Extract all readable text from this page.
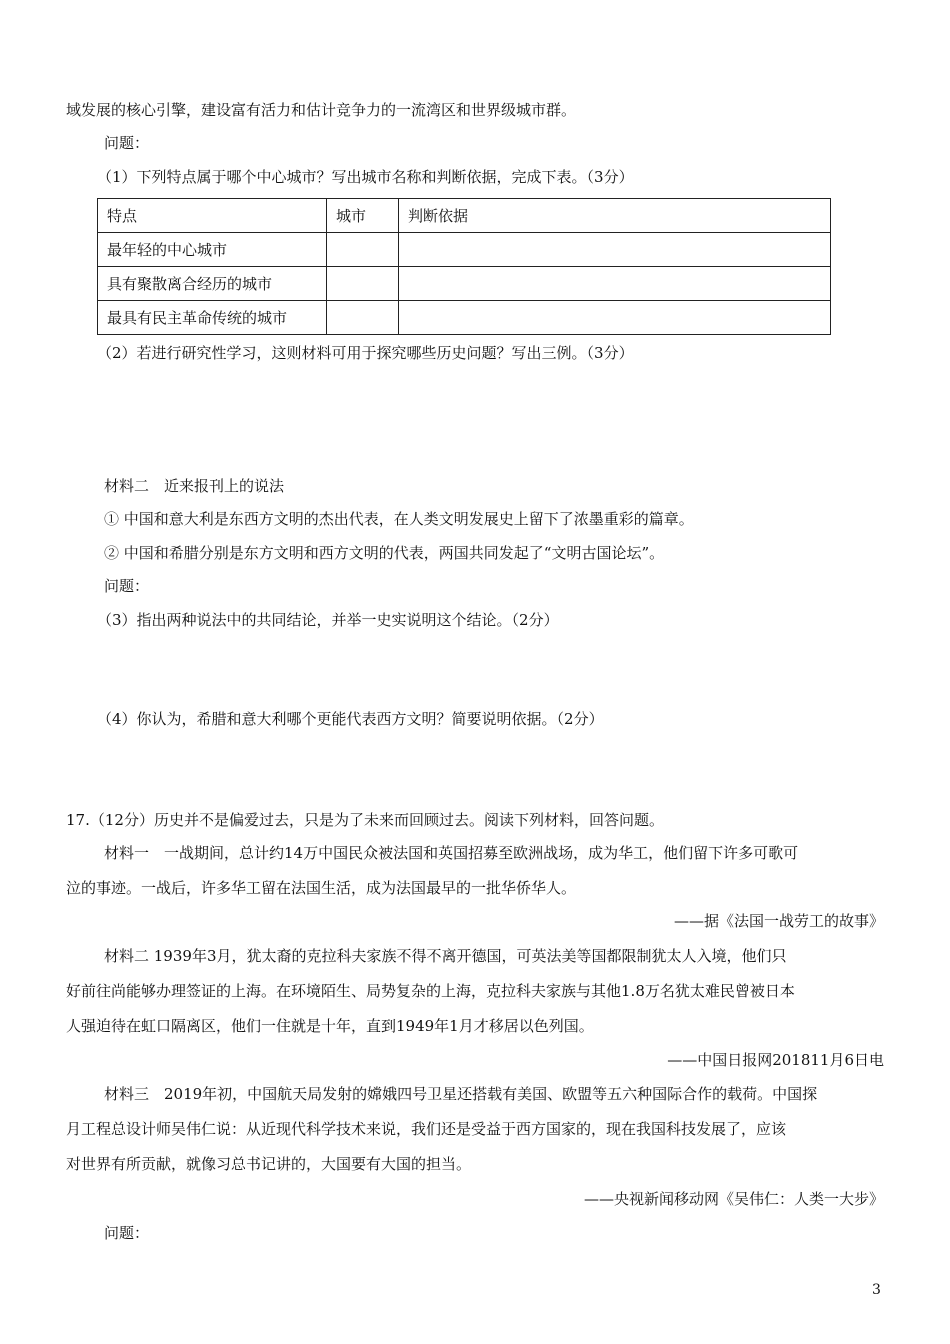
域发展的核心引擎，建设富有活力和估计竞争力的一流湾区和世界级城市群。
问题：
（1）下列特点属于哪个中心城市？写出城市名称和判断依据，完成下表。（3分）
特点	城市	判断依据
最年轻的中心城市		
具有聚散离合经历的城市		
最具有民主革命传统的城市		
（2）若进行研究性学习，这则材料可用于探究哪些历史问题？写出三例。（3分）
材料二　近来报刊上的说法
① 中国和意大利是东西方文明的杰出代表，在人类文明发展史上留下了浓墨重彩的篇章。
② 中国和希腊分别是东方文明和西方文明的代表，两国共同发起了“文明古国论坛”。
问题：
（3）指出两种说法中的共同结论，并举一史实说明这个结论。（2分）
（4）你认为，希腊和意大利哪个更能代表西方文明？简要说明依据。（2分）
17.（12分）历史并不是偏爱过去，只是为了未来而回顾过去。阅读下列材料，回答问题。
材料一　一战期间，总计约14万中国民众被法国和英国招募至欧洲战场，成为华工，他们留下许多可歌可
泣的事迹。一战后，许多华工留在法国生活，成为法国最早的一批华侨华人。
——据《法国一战劳工的故事》
材料二 1939年3月，犹太裔的克拉科夫家族不得不离开德国，可英法美等国都限制犹太人入境，他们只
好前往尚能够办理签证的上海。在环境陌生、局势复杂的上海，克拉科夫家族与其他1.8万名犹太难民曾被日本
人强迫待在虹口隔离区，他们一住就是十年，直到1949年1月才移居以色列国。
——中国日报网201811月6日电
材料三　2019年初，中国航天局发射的嫦娥四号卫星还搭载有美国、欧盟等五六种国际合作的载荷。中国探
月工程总设计师吴伟仁说：从近现代科学技术来说，我们还是受益于西方国家的，现在我国科技发展了，应该
对世界有所贡献，就像习总书记讲的，大国要有大国的担当。
——央视新闻移动网《吴伟仁：人类一大步》
问题：
3
